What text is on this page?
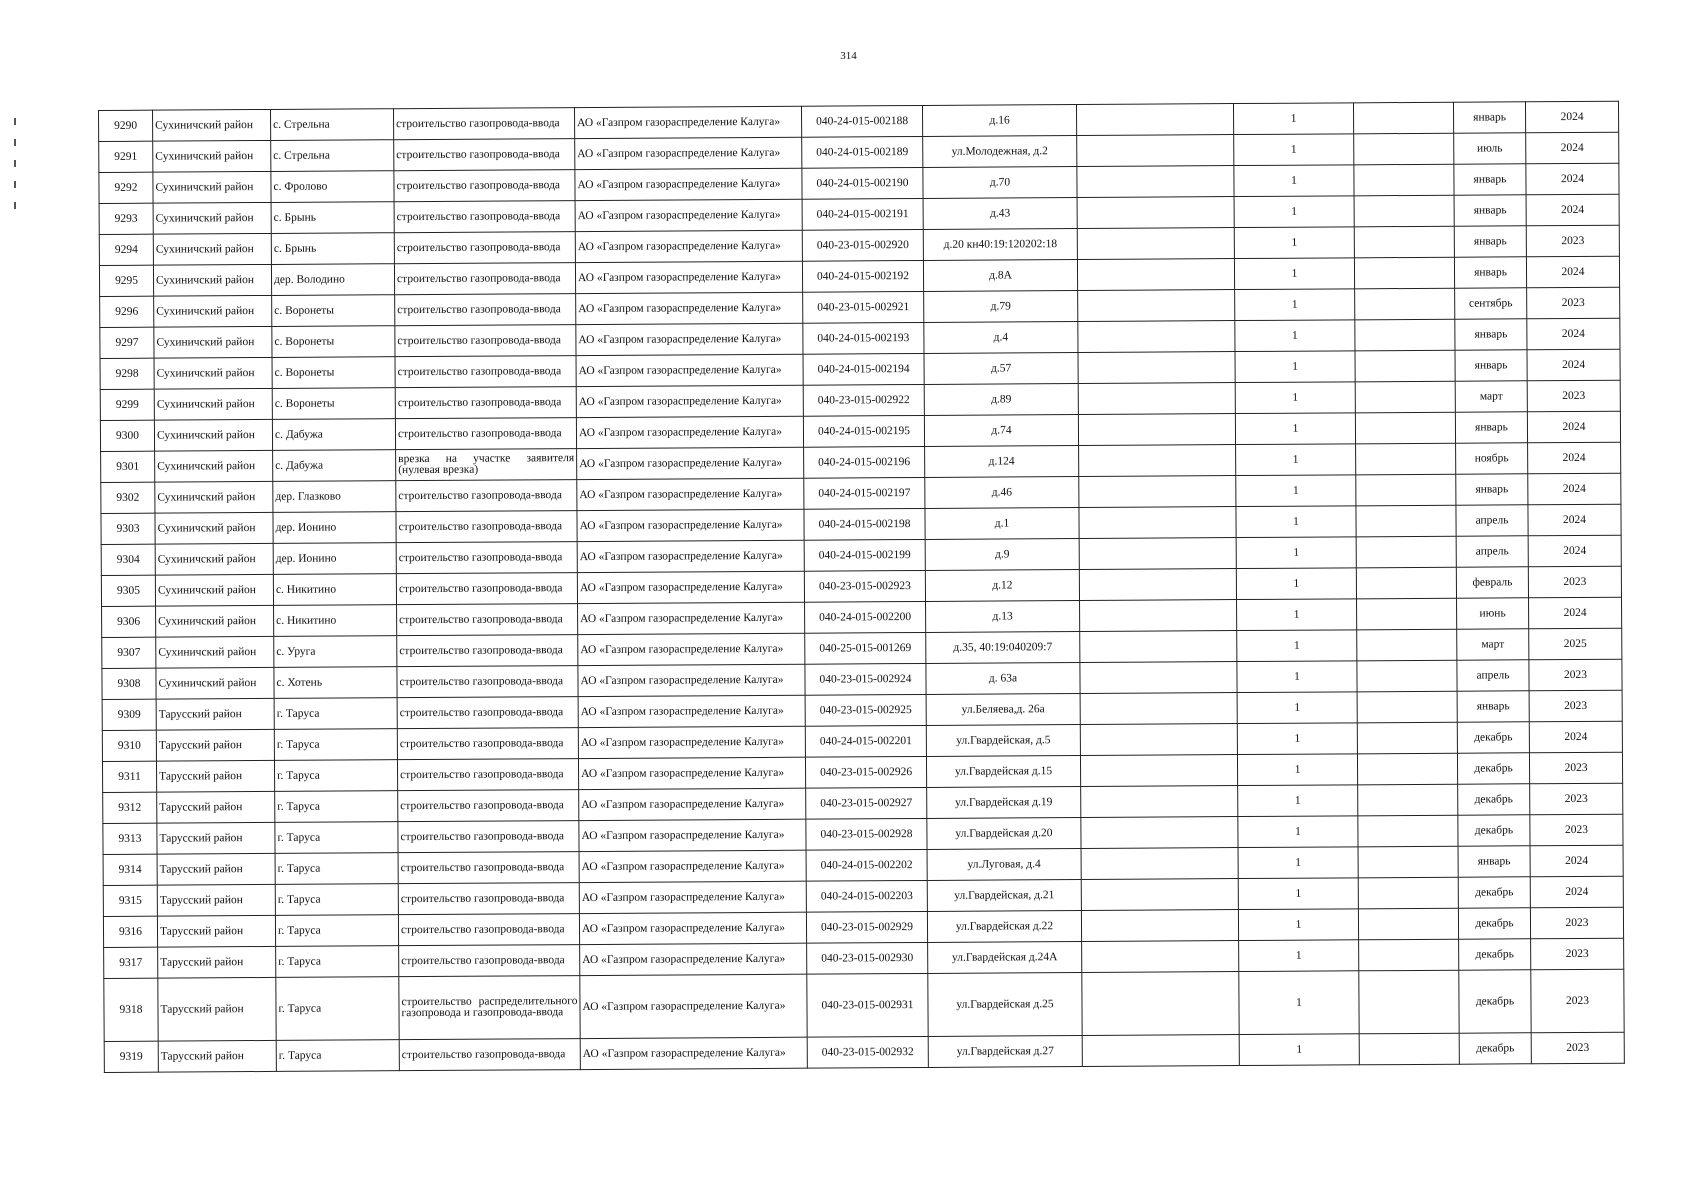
314
9290	Сухиничский район	с. Стрельна	строительство газопровода-ввода	АО «Газпром газораспределение Калуга»	040-24-015-002188	д.16		1		январь	2024
9291	Сухиничский район	с. Стрельна	строительство газопровода-ввода	АО «Газпром газораспределение Калуга»	040-24-015-002189	ул.Молодежная, д.2		1		июль	2024
9292	Сухиничский район	с. Фролово	строительство газопровода-ввода	АО «Газпром газораспределение Калуга»	040-24-015-002190	д.70		1		январь	2024
9293	Сухиничский район	с. Брынь	строительство газопровода-ввода	АО «Газпром газораспределение Калуга»	040-24-015-002191	д.43		1		январь	2024
9294	Сухиничский район	с. Брынь	строительство газопровода-ввода	АО «Газпром газораспределение Калуга»	040-23-015-002920	д.20 кн40:19:120202:18		1		январь	2023
9295	Сухиничский район	дер. Володино	строительство газопровода-ввода	АО «Газпром газораспределение Калуга»	040-24-015-002192	д.8А		1		январь	2024
9296	Сухиничский район	с. Воронеты	строительство газопровода-ввода	АО «Газпром газораспределение Калуга»	040-23-015-002921	д.79		1		сентябрь	2023
9297	Сухиничский район	с. Воронеты	строительство газопровода-ввода	АО «Газпром газораспределение Калуга»	040-24-015-002193	д.4		1		январь	2024
9298	Сухиничский район	с. Воронеты	строительство газопровода-ввода	АО «Газпром газораспределение Калуга»	040-24-015-002194	д.57		1		январь	2024
9299	Сухиничский район	с. Воронеты	строительство газопровода-ввода	АО «Газпром газораспределение Калуга»	040-23-015-002922	д.89		1		март	2023
9300	Сухиничский район	с. Дабужа	строительство газопровода-ввода	АО «Газпром газораспределение Калуга»	040-24-015-002195	д.74		1		январь	2024
9301	Сухиничский район	с. Дабужа	врезка на участке заявителя (нулевая врезка)	АО «Газпром газораспределение Калуга»	040-24-015-002196	д.124		1		ноябрь	2024
9302	Сухиничский район	дер. Глазково	строительство газопровода-ввода	АО «Газпром газораспределение Калуга»	040-24-015-002197	д.46		1		январь	2024
9303	Сухиничский район	дер. Ионино	строительство газопровода-ввода	АО «Газпром газораспределение Калуга»	040-24-015-002198	д.1		1		апрель	2024
9304	Сухиничский район	дер. Ионино	строительство газопровода-ввода	АО «Газпром газораспределение Калуга»	040-24-015-002199	д.9		1		апрель	2024
9305	Сухиничский район	с. Никитино	строительство газопровода-ввода	АО «Газпром газораспределение Калуга»	040-23-015-002923	д.12		1		февраль	2023
9306	Сухиничский район	с. Никитино	строительство газопровода-ввода	АО «Газпром газораспределение Калуга»	040-24-015-002200	д.13		1		июнь	2024
9307	Сухиничский район	с. Уруга	строительство газопровода-ввода	АО «Газпром газораспределение Калуга»	040-25-015-001269	д.35, 40:19:040209:7		1		март	2025
9308	Сухиничский район	с. Хотень	строительство газопровода-ввода	АО «Газпром газораспределение Калуга»	040-23-015-002924	д. 63а		1		апрель	2023
9309	Тарусский район	г. Таруса	строительство газопровода-ввода	АО «Газпром газораспределение Калуга»	040-23-015-002925	ул.Беляева,д. 26а		1		январь	2023
9310	Тарусский район	г. Таруса	строительство газопровода-ввода	АО «Газпром газораспределение Калуга»	040-24-015-002201	ул.Гвардейская, д.5		1		декабрь	2024
9311	Тарусский район	г. Таруса	строительство газопровода-ввода	АО «Газпром газораспределение Калуга»	040-23-015-002926	ул.Гвардейская д.15		1		декабрь	2023
9312	Тарусский район	г. Таруса	строительство газопровода-ввода	АО «Газпром газораспределение Калуга»	040-23-015-002927	ул.Гвардейская д.19		1		декабрь	2023
9313	Тарусский район	г. Таруса	строительство газопровода-ввода	АО «Газпром газораспределение Калуга»	040-23-015-002928	ул.Гвардейская д.20		1		декабрь	2023
9314	Тарусский район	г. Таруса	строительство газопровода-ввода	АО «Газпром газораспределение Калуга»	040-24-015-002202	ул.Луговая, д.4		1		январь	2024
9315	Тарусский район	г. Таруса	строительство газопровода-ввода	АО «Газпром газораспределение Калуга»	040-24-015-002203	ул.Гвардейская, д.21		1		декабрь	2024
9316	Тарусский район	г. Таруса	строительство газопровода-ввода	АО «Газпром газораспределение Калуга»	040-23-015-002929	ул.Гвардейская д.22		1		декабрь	2023
9317	Тарусский район	г. Таруса	строительство газопровода-ввода	АО «Газпром газораспределение Калуга»	040-23-015-002930	ул.Гвардейская д.24А		1		декабрь	2023
9318	Тарусский район	г. Таруса	строительство распределительного газопровода и газопровода-ввода	АО «Газпром газораспределение Калуга»	040-23-015-002931	ул.Гвардейская д.25		1		декабрь	2023
9319	Тарусский район	г. Таруса	строительство газопровода-ввода	АО «Газпром газораспределение Калуга»	040-23-015-002932	ул.Гвардейская д.27		1		декабрь	2023
